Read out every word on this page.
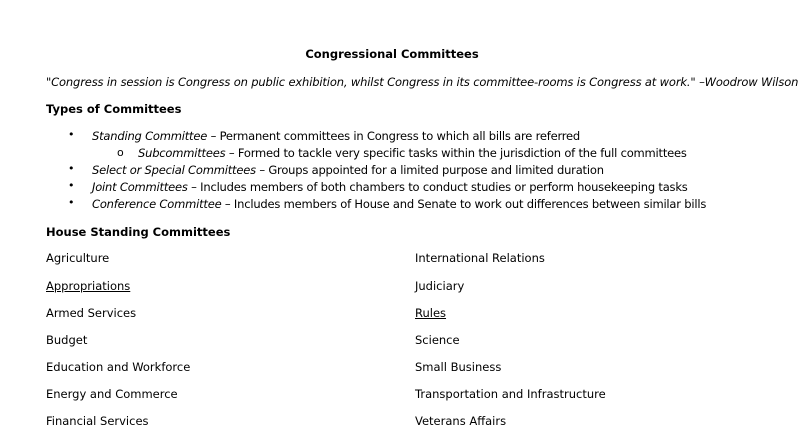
Congressional Committees
"Congress in session is Congress on public exhibition, whilst Congress in its committee-rooms is Congress at work." –Woodrow Wilson
Types of Committees
• Standing Committee – Permanent committees in Congress to which all bills are referred
o Subcommittees – Formed to tackle very specific tasks within the jurisdiction of the full committees
• Select or Special Committees – Groups appointed for a limited purpose and limited duration
• Joint Committees – Includes members of both chambers to conduct studies or perform housekeeping tasks
• Conference Committee – Includes members of House and Senate to work out differences between similar bills
House Standing Committees
Agriculture
Appropriations
Armed Services
Budget
Education and Workforce
Energy and Commerce
Financial Services
International Relations
Judiciary
Rules
Science
Small Business
Transportation and Infrastructure
Veterans Affairs
